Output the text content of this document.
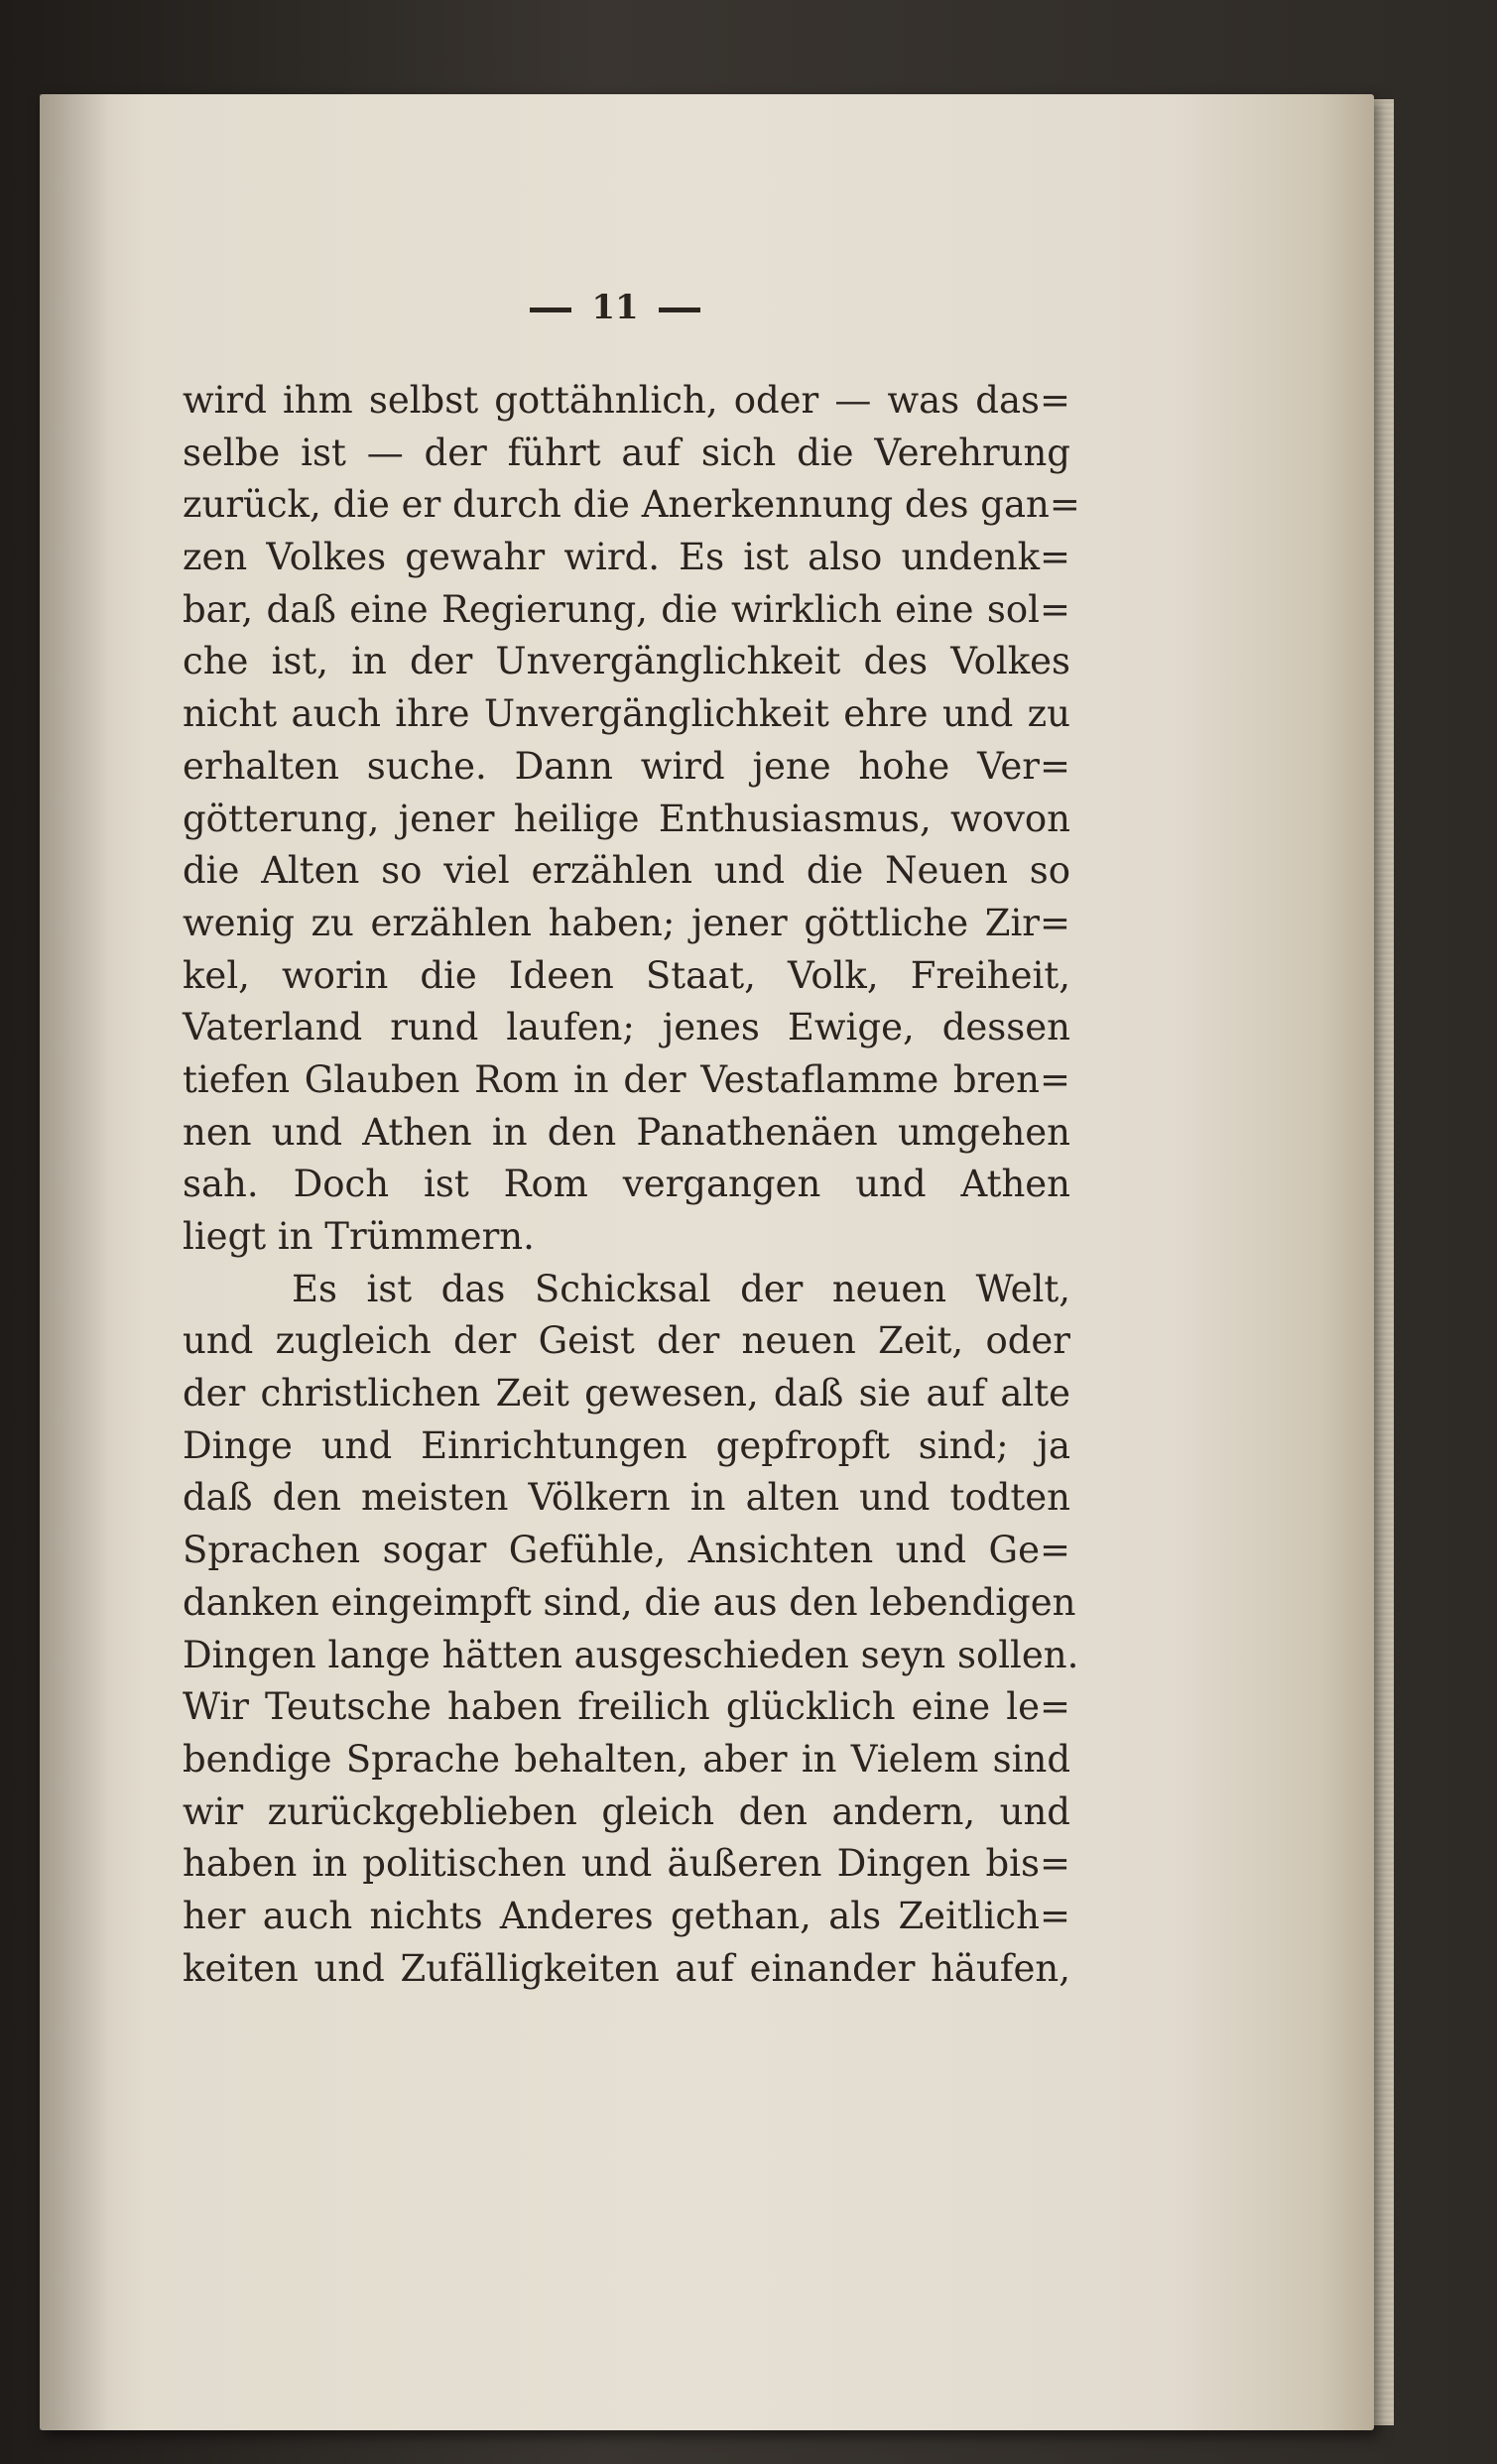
11
wird ihm selbst gottähnlich, oder — was das=
selbe ist — der führt auf sich die Verehrung
zurück, die er durch die Anerkennung des gan=
zen Volkes gewahr wird. Es ist also undenk=
bar, daß eine Regierung, die wirklich eine sol=
che ist, in der Unvergänglichkeit des Volkes
nicht auch ihre Unvergänglichkeit ehre und zu
erhalten suche. Dann wird jene hohe Ver=
götterung, jener heilige Enthusiasmus, wovon
die Alten so viel erzählen und die Neuen so
wenig zu erzählen haben; jener göttliche Zir=
kel, worin die Ideen Staat, Volk, Freiheit,
Vaterland rund laufen; jenes Ewige, dessen
tiefen Glauben Rom in der Vestaflamme bren=
nen und Athen in den Panathenäen umgehen
sah. Doch ist Rom vergangen und Athen
liegt in Trümmern.
Es ist das Schicksal der neuen Welt,
und zugleich der Geist der neuen Zeit, oder
der christlichen Zeit gewesen, daß sie auf alte
Dinge und Einrichtungen gepfropft sind; ja
daß den meisten Völkern in alten und todten
Sprachen sogar Gefühle, Ansichten und Ge=
danken eingeimpft sind, die aus den lebendigen
Dingen lange hätten ausgeschieden seyn sollen.
Wir Teutsche haben freilich glücklich eine le=
bendige Sprache behalten, aber in Vielem sind
wir zurückgeblieben gleich den andern, und
haben in politischen und äußeren Dingen bis=
her auch nichts Anderes gethan, als Zeitlich=
keiten und Zufälligkeiten auf einander häufen,
